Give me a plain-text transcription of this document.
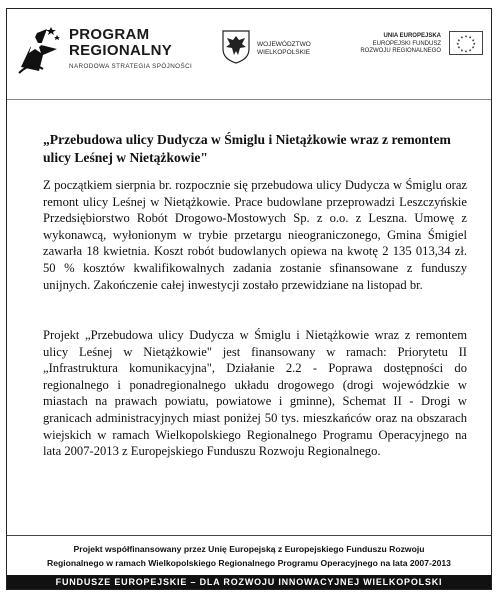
PROGRAM
REGIONALNY
NARODOWA STRATEGIA SPÓJNOŚCI
WOJEWÓDZTWO
WIELKOPOLSKIE
UNIA EUROPEJSKA
EUROPEJSKI FUNDUSZ
ROZWOJU REGIONALNEGO
★ ★
★
★
★
★
★
★
★
★
★
★
„Przebudowa ulicy Dudycza w Śmiglu i Nietążkowie wraz z remontem ulicy Leśnej w Nietążkowie"
Z początkiem sierpnia br. rozpocznie się przebudowa ulicy Dudycza w Śmiglu oraz remont ulicy Leśnej w Nietążkowie. Prace budowlane przeprowadzi Leszczyńskie Przedsiębiorstwo Robót Drogowo-Mostowych Sp. z o.o. z Leszna. Umowę z wykonawcą, wyłonionym w trybie przetargu nieograniczonego, Gmina Śmigiel zawarła 18 kwietnia. Koszt robót budowlanych opiewa na kwotę 2 135 013,34 zł. 50 % kosztów kwalifikowalnych zadania zostanie sfinansowane z funduszy unijnych. Zakończenie całej inwestycji zostało przewidziane na listopad br.
Projekt „Przebudowa ulicy Dudycza w Śmiglu i Nietążkowie wraz z remontem ulicy Leśnej w Nietążkowie" jest finansowany w ramach: Priorytetu II „Infrastruktura komunikacyjna", Działanie 2.2 - Poprawa dostępności do regionalnego i ponadregionalnego układu drogowego (drogi wojewódzkie w miastach na prawach powiatu, powiatowe i gminne), Schemat II - Drogi w granicach administracyjnych miast poniżej 50 tys. mieszkańców oraz na obszarach wiejskich w ramach Wielkopolskiego Regionalnego Programu Operacyjnego na lata 2007-2013 z Europejskiego Funduszu Rozwoju Regionalnego.
Projekt współfinansowany przez Unię Europejską z Europejskiego Funduszu Rozwoju
Regionalnego w ramach Wielkopolskiego Regionalnego Programu Operacyjnego na lata 2007-2013
FUNDUSZE EUROPEJSKIE – DLA ROZWOJU INNOWACYJNEJ WIELKOPOLSKI
